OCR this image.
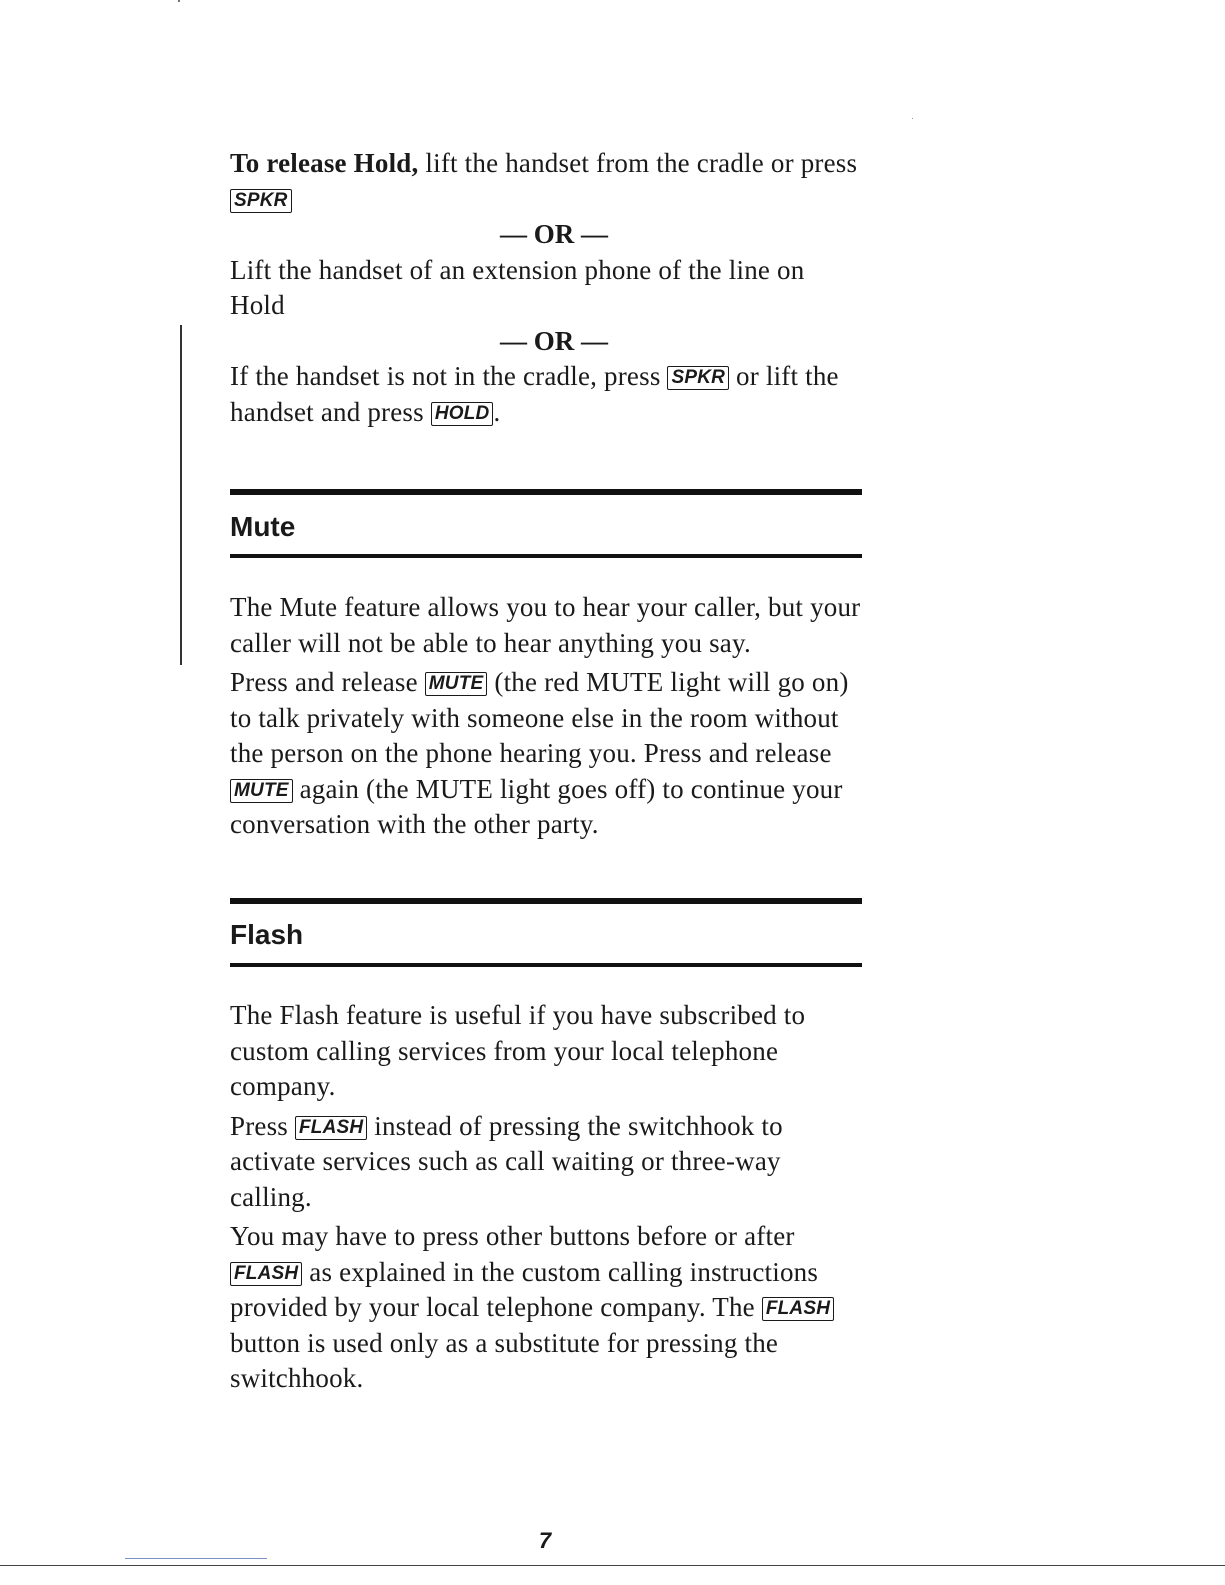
To release Hold, lift the handset from the cradle or press SPKR

— OR —

Lift the handset of an extension phone of the line on Hold

— OR —

If the handset is not in the cradle, press SPKR or lift the handset and press HOLD .

Mute

The Mute feature allows you to hear your caller, but your caller will not be able to hear anything you say.

Press and release MUTE (the red MUTE light will go on) to talk privately with someone else in the room without the person on the phone hearing you. Press and release MUTE again (the MUTE light goes off) to continue your conversation with the other party.

Flash

The Flash feature is useful if you have subscribed to custom calling services from your local telephone company.

Press FLASH instead of pressing the switchhook to activate services such as call waiting or three-way calling.

You may have to press other buttons before or after FLASH as explained in the custom calling instructions provided by your local telephone company. The FLASH button is used only as a substitute for pressing the switchhook.

7
